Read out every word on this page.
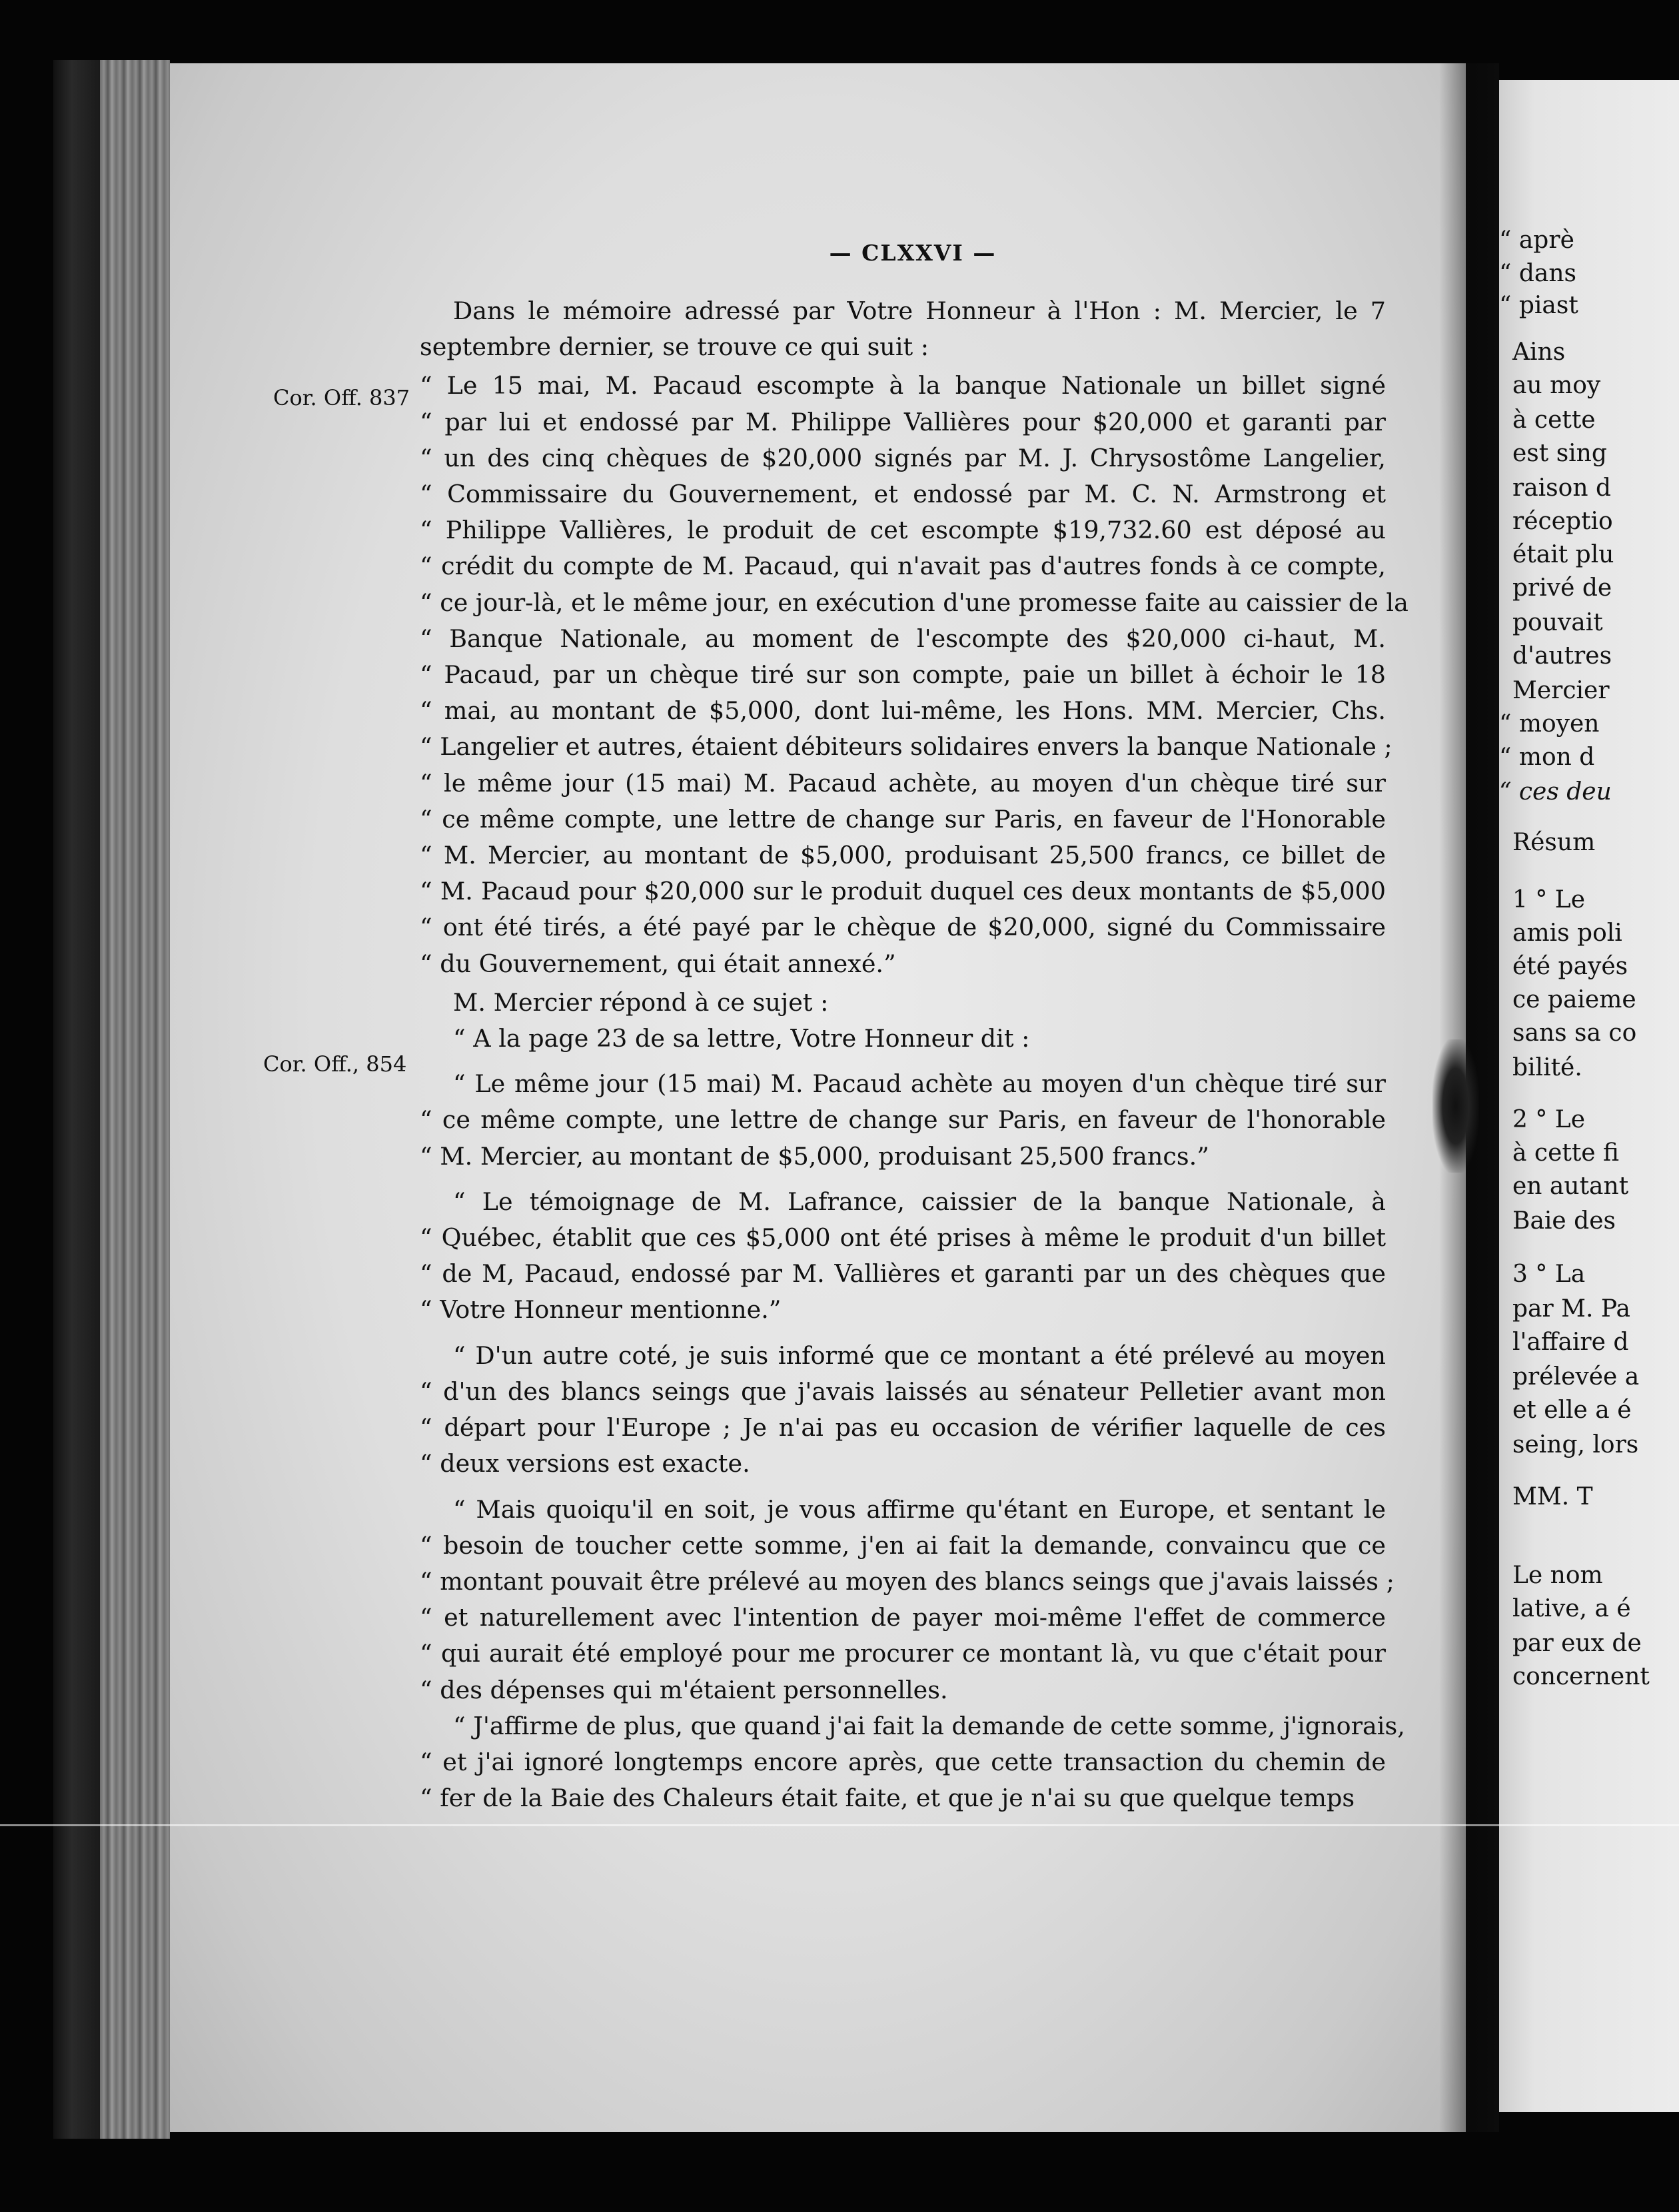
“ aprè
“ dans
“ piast
Ains
au moy
à cette
est sing
raison d
réceptio
était plu
privé de
pouvait
d'autres
Mercier
“ moyen
“ mon d
“ ces deu
Résum
1 ° Le
amis poli
été payés
ce paieme
sans sa co
bilité.
2 ° Le
à cette fi
en autant
Baie des
3 ° La
par M. Pa
l'affaire d
prélevée a
et elle a é
seing, lors
MM. T
Le nom
lative, a é
par eux de
concernent
— CLXXVI —
Cor. Off. 837
Cor. Off., 854

Dans le mémoire adressé par Votre Honneur à l'Hon : M. Mercier, le 7
septembre dernier, se trouve ce qui suit :

“ Le 15 mai, M. Pacaud escompte à la banque Nationale un billet signé
“ par lui et endossé par M. Philippe Vallières pour $20,000 et garanti par
“ un des cinq chèques de $20,000 signés par M. J. Chrysostôme Langelier,
“ Commissaire du Gouvernement, et endossé par M. C. N. Armstrong et
“ Philippe Vallières, le produit de cet escompte $19,732.60 est déposé au
“ crédit du compte de M. Pacaud, qui n'avait pas d'autres fonds à ce compte,
“ ce jour-là, et le même jour, en exécution d'une promesse faite au caissier de la
“ Banque Nationale, au moment de l'escompte des $20,000 ci-haut, M.
“ Pacaud, par un chèque tiré sur son compte, paie un billet à échoir le 18
“ mai, au montant de $5,000, dont lui-même, les Hons. MM. Mercier, Chs.
“ Langelier et autres, étaient débiteurs solidaires envers la banque Nationale ;
“ le même jour (15 mai) M. Pacaud achète, au moyen d'un chèque tiré sur
“ ce même compte, une lettre de change sur Paris, en faveur de l'Honorable
“ M. Mercier, au montant de $5,000, produisant 25,500 francs, ce billet de
“ M. Pacaud pour $20,000 sur le produit duquel ces deux montants de $5,000
“ ont été tirés, a été payé par le chèque de $20,000, signé du Commissaire
“ du Gouvernement, qui était annexé.”

M. Mercier répond à ce sujet :

“ A la page 23 de sa lettre, Votre Honneur dit :

“ Le même jour (15 mai) M. Pacaud achète au moyen d'un chèque tiré sur
“ ce même compte, une lettre de change sur Paris, en faveur de l'honorable
“ M. Mercier, au montant de $5,000, produisant 25,500 francs.”

“ Le témoignage de M. Lafrance, caissier de la banque Nationale, à
“ Québec, établit que ces $5,000 ont été prises à même le produit d'un billet
“ de M, Pacaud, endossé par M. Vallières et garanti par un des chèques que
“ Votre Honneur mentionne.”

“ D'un autre coté, je suis informé que ce montant a été prélevé au moyen
“ d'un des blancs seings que j'avais laissés au sénateur Pelletier avant mon
“ départ pour l'Europe ; Je n'ai pas eu occasion de vérifier laquelle de ces
“ deux versions est exacte.

“ Mais quoiqu'il en soit, je vous affirme qu'étant en Europe, et sentant le
“ besoin de toucher cette somme, j'en ai fait la demande, convaincu que ce
“ montant pouvait être prélevé au moyen des blancs seings que j'avais laissés ;
“ et naturellement avec l'intention de payer moi-même l'effet de commerce
“ qui aurait été employé pour me procurer ce montant là, vu que c'était pour
“ des dépenses qui m'étaient personnelles.

“ J'affirme de plus, que quand j'ai fait la demande de cette somme, j'ignorais,
“ et j'ai ignoré longtemps encore après, que cette transaction du chemin de
“ fer de la Baie des Chaleurs était faite, et que je n'ai su que quelque temps
